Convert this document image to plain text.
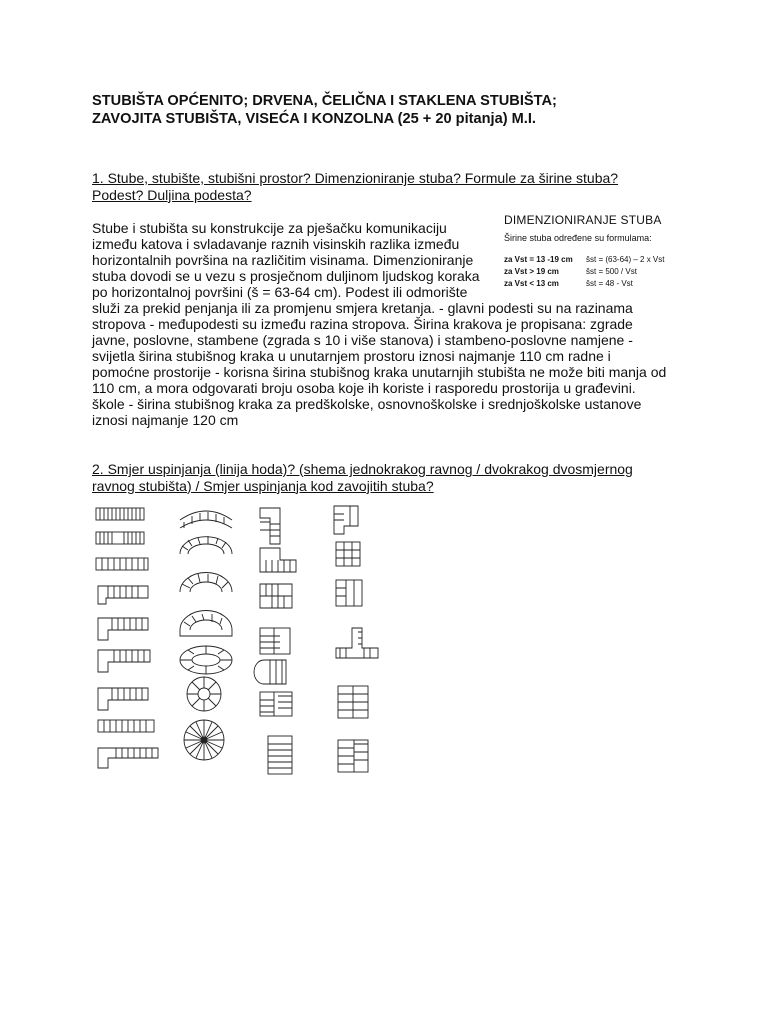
STUBIŠTA OPĆENITO; DRVENA, ČELIČNA I STAKLENA STUBIŠTA;
ZAVOJITA STUBIŠTA, VISEĆA I KONZOLNA (25 + 20 pitanja) M.I.
1. Stube, stubište, stubišni prostor? Dimenzioniranje stuba? Formule za širine stuba? Podest? Duljina podesta?
Stube i stubišta su konstrukcije za pješačku komunikaciju
između katova i svladavanje raznih visinskih razlika između
horizontalnih površina na različitim visinama. Dimenzioniranje
stuba dovodi se u vezu s prosječnom duljinom ljudskog koraka
po horizontalnoj površini (š = 63-64 cm). Podest ili odmorište
služi za prekid penjanja ili za promjenu smjera kretanja. - glavni podesti su na razinama
stropova - međupodesti su između razina stropova. Širina krakova je propisana: zgrade
javne, poslovne, stambene (zgrada s 10 i više stanova) i stambeno-poslovne namjene -
svijetla širina stubišnog kraka u unutarnjem prostoru iznosi najmanje 110 cm radne i
pomoćne prostorije - korisna širina stubišnog kraka unutarnjih stubišta ne može biti manja od
110 cm, a mora odgovarati broju osoba koje ih koriste i rasporedu prostorija u građevini.
škole - širina stubišnog kraka za predškolske, osnovnoškolske i srednjoškolske ustanove
iznosi najmanje 120 cm
DIMENZIONIRANJE STUBA
Širine stuba određene su formulama:
za Vst = 13 -19 cm šst = (63-64) – 2 x Vst
za Vst > 19 cm	šst = 500 / Vst
za Vst < 13 cm	šst = 48 - Vst
2. Smjer uspinjanja (linija hoda)? (shema jednokrakog ravnog / dvokrakog dvosmjernog ravnog stubišta) / Smjer uspinjanja kod zavojitih stuba?
